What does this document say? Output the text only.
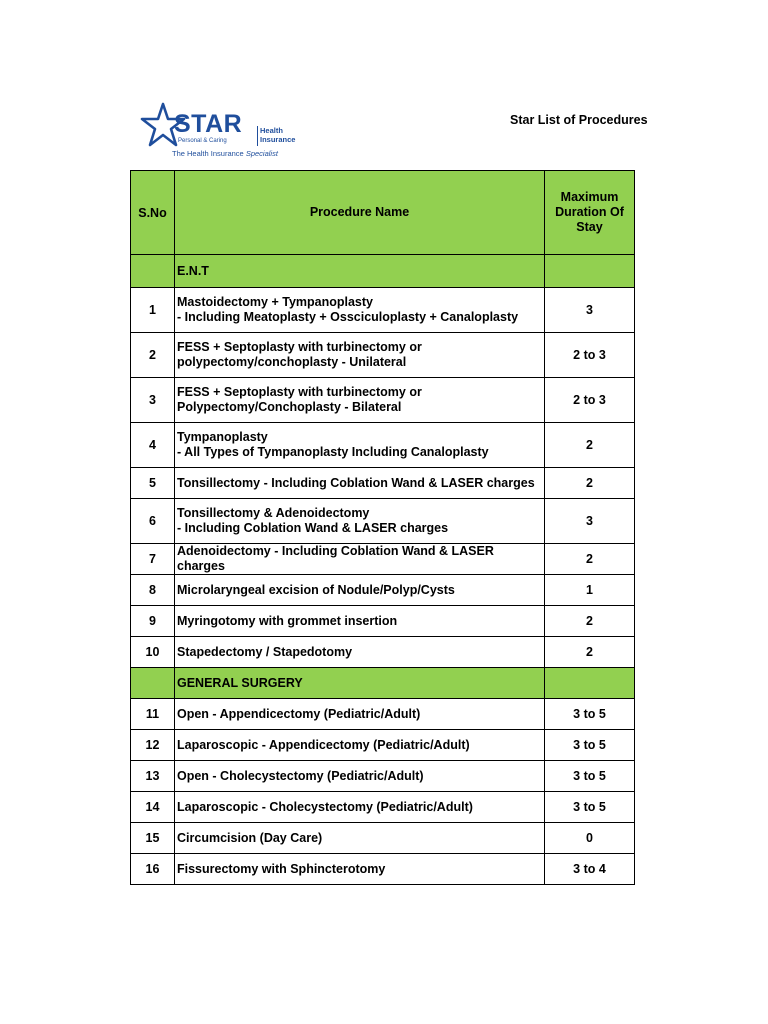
STAR
Personal & Caring
Health
Insurance
The Health Insurance Specialist
Star List of Procedures
S.No	Procedure Name	Maximum Duration Of Stay
	E.N.T	
1	Mastoidectomy + Tympanoplasty
- Including Meatoplasty + Ossciculoplasty + Canaloplasty	3
2	FESS + Septoplasty with turbinectomy or
polypectomy/conchoplasty - Unilateral	2 to 3
3	FESS + Septoplasty with turbinectomy or
Polypectomy/Conchoplasty - Bilateral	2 to 3
4	Tympanoplasty
- All Types of Tympanoplasty Including Canaloplasty	2
5	Tonsillectomy - Including Coblation Wand & LASER charges	2
6	Tonsillectomy & Adenoidectomy
- Including Coblation Wand & LASER charges	3
7	Adenoidectomy - Including Coblation Wand & LASER charges	2
8	Microlaryngeal excision of Nodule/Polyp/Cysts	1
9	Myringotomy with grommet insertion	2
10	Stapedectomy / Stapedotomy	2
	GENERAL SURGERY	
11	Open - Appendicectomy (Pediatric/Adult)	3 to 5
12	Laparoscopic - Appendicectomy (Pediatric/Adult)	3 to 5
13	Open - Cholecystectomy (Pediatric/Adult)	3 to 5
14	Laparoscopic - Cholecystectomy (Pediatric/Adult)	3 to 5
15	Circumcision (Day Care)	0
16	Fissurectomy with Sphincterotomy	3 to 4
